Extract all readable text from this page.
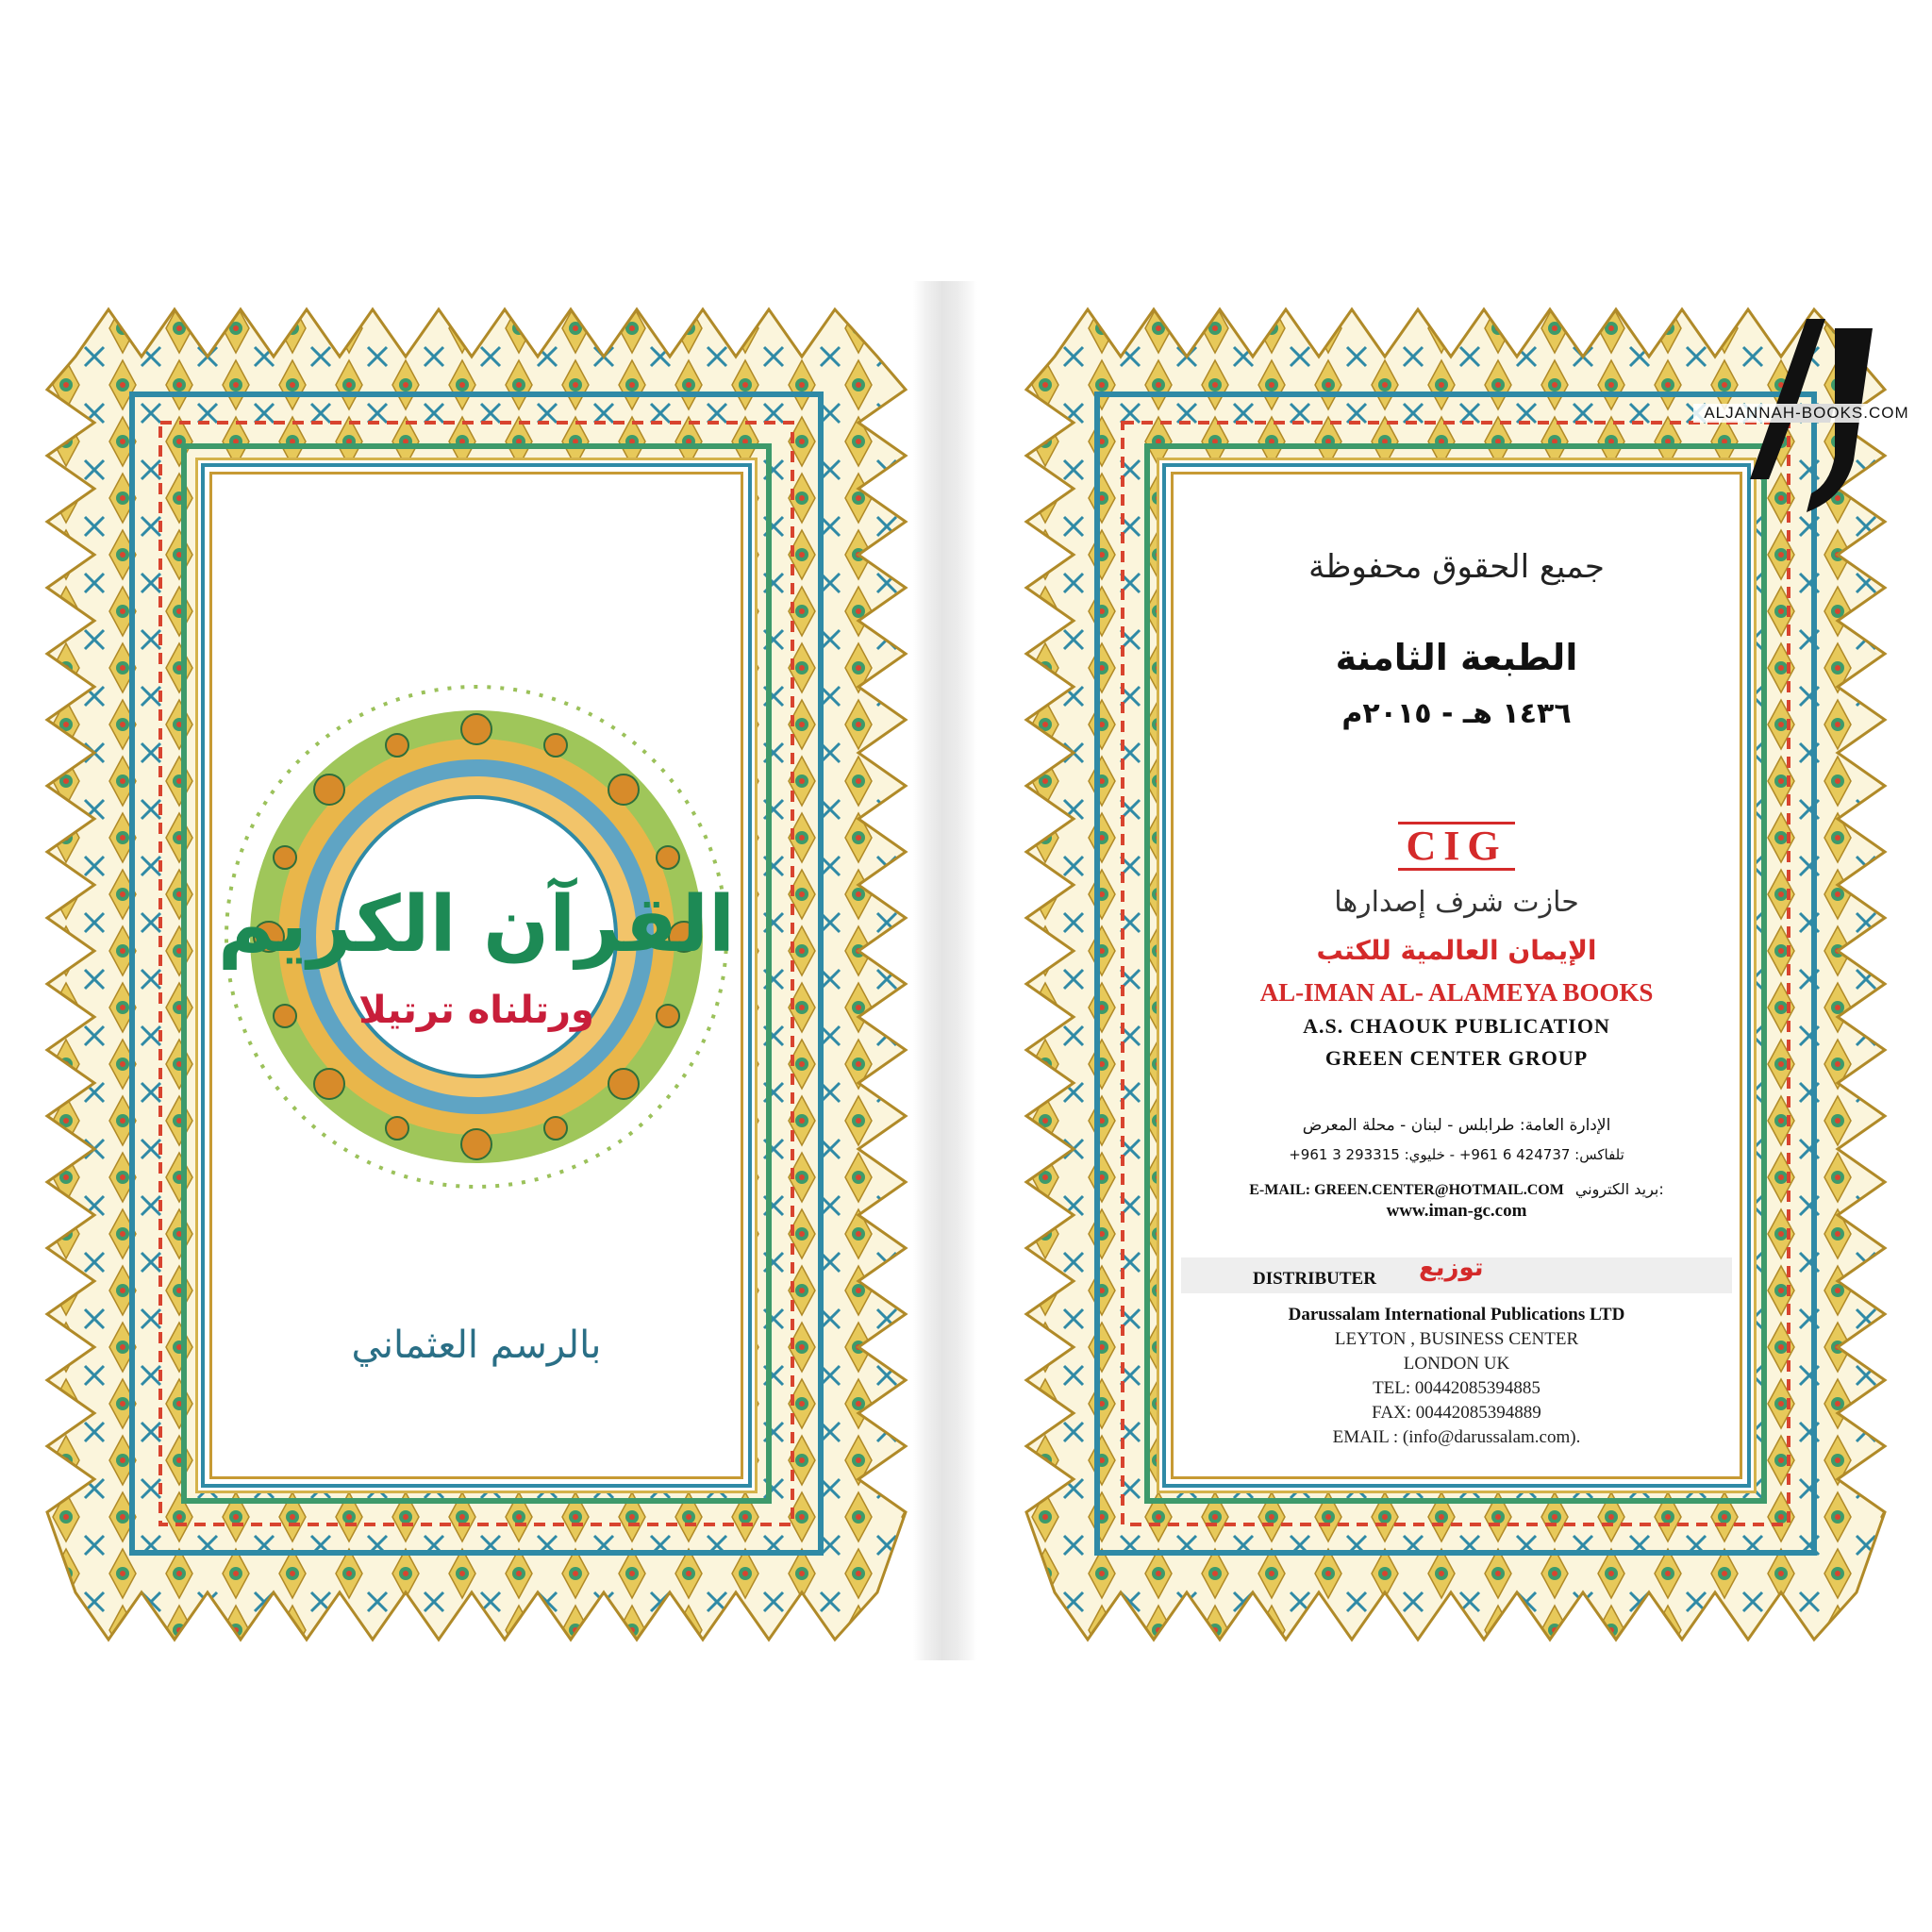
القرآن الكريم
ورتلناه ترتيلا
بالرسم العثماني
جميع الحقوق محفوظة
الطبعة الثامنة
١٤٣٦ هـ - ٢٠١٥م
CIG
حازت شرف إصدارها
الإيمان العالمية للكتب
AL-IMAN AL- ALAMEYA BOOKS
A.S. CHAOUK PUBLICATION
GREEN CENTER GROUP
الإدارة العامة: طرابلس - لبنان - محلة المعرض
تلفاكس: 424737 6 961+ - خليوي: 293315 3 961+
E-MAIL: GREEN.CENTER@HOTMAIL.COM بريد الكتروني:
www.iman-gc.com
DISTRIBUTER توزيع
Darussalam International Publications LTD
LEYTON , BUSINESS CENTER
LONDON UK
TEL: 00442085394885
FAX: 00442085394889
EMAIL : (info@darussalam.com).
ALJANNAH-BOOKS.COM
